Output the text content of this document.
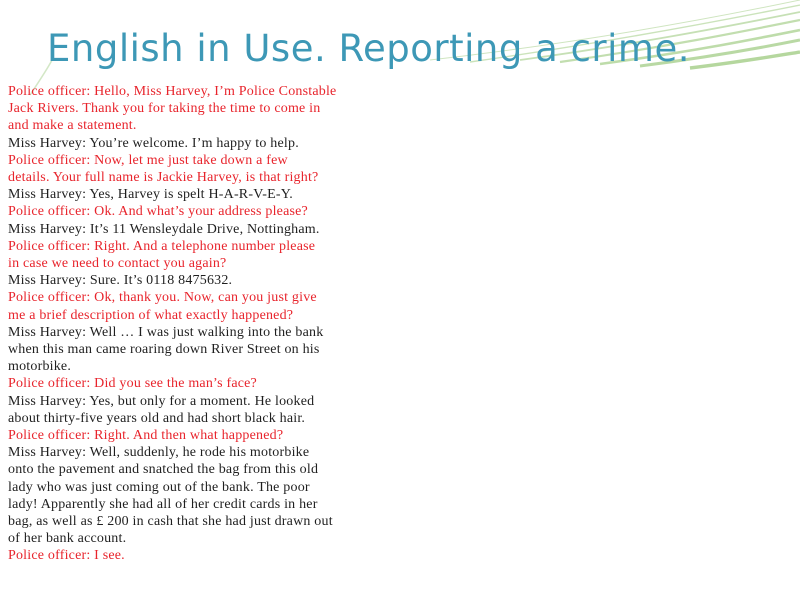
English in Use. Reporting a crime.
Police officer: Hello, Miss Harvey, I’m Police Constable
Jack Rivers. Thank you for taking the time to come in
and make a statement.
Miss Harvey: You’re welcome. I’m happy to help.
Police officer: Now, let me just take down a few
details. Your full name is Jackie Harvey, is that right?
Miss Harvey: Yes, Harvey is spelt H-A-R-V-E-Y.
Police officer: Ok. And what’s your address please?
Miss Harvey: It’s 11 Wensleydale Drive, Nottingham.
Police officer: Right. And a telephone number please
in case we need to contact you again?
Miss Harvey: Sure. It’s 0118 8475632.
Police officer: Ok, thank you. Now, can you just give
me a brief description of what exactly happened?
Miss Harvey: Well … I was just walking into the bank
when this man came roaring down River Street on his
motorbike.
Police officer: Did you see the man’s face?
Miss Harvey: Yes, but only for a moment. He looked
about thirty-five years old and had short black hair.
Police officer: Right. And then what happened?
Miss Harvey: Well, suddenly, he rode his motorbike
onto the pavement and snatched the bag from this old
lady who was just coming out of the bank. The poor
lady! Apparently she had all of her credit cards in her
bag, as well as £ 200 in cash that she had just drawn out
of her bank account.
Police officer: I see.
